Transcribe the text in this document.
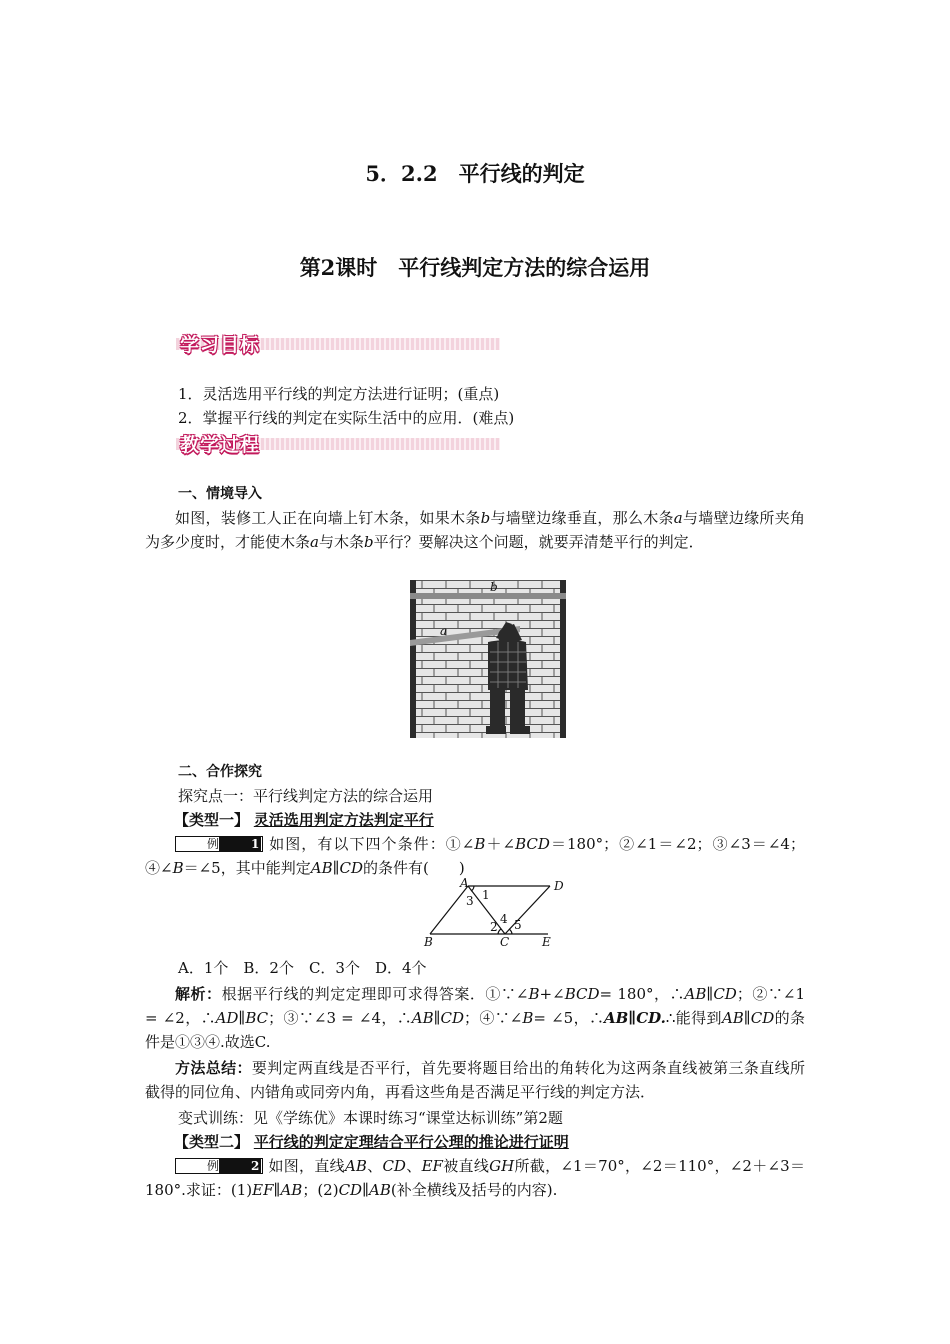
5．2.2　平行线的判定
第2课时　平行线判定方法的综合运用
学习目标
1．灵活选用平行线的判定方法进行证明；(重点)
2．掌握平行线的判定在实际生活中的应用．(难点)
教学过程
一、情境导入
如图，装修工人正在向墙上钉木条，如果木条b与墙壁边缘垂直，那么木条a与墙壁边缘所夹角为多少度时，才能使木条a与木条b平行？要解决这个问题，就要弄清楚平行的判定．
b
a
二、合作探究
探究点一：平行线判定方法的综合运用
【类型一】 灵活选用判定方法判定平行
例	1 如图，有以下四个条件：①∠B＋∠BCD＝180°；②∠1＝∠2；③∠3＝∠4；④∠B＝∠5，其中能判定AB∥CD的条件有(　　)
A	D
B	C	E
1
3
2
4 5
A．1个　B．2个　C．3个　D．4个
解析：根据平行线的判定定理即可求得答案．①∵∠B+∠BCD= 180°，∴AB∥CD；②∵∠1 = ∠2，∴AD∥BC；③∵∠3 = ∠4，∴AB∥CD；④∵∠B= ∠5，∴AB∥CD.∴能得到AB∥CD的条件是①③④.故选C.
方法总结：要判定两直线是否平行，首先要将题目给出的角转化为这两条直线被第三条直线所截得的同位角、内错角或同旁内角，再看这些角是否满足平行线的判定方法．
变式训练：见《学练优》本课时练习“课堂达标训练”第2题
【类型二】 平行线的判定定理结合平行公理的推论进行证明
例	2 如图，直线AB、CD、EF被直线GH所截，∠1＝70°，∠2＝110°，∠2＋∠3＝180°.求证：(1)EF∥AB；(2)CD∥AB(补全横线及括号的内容).
